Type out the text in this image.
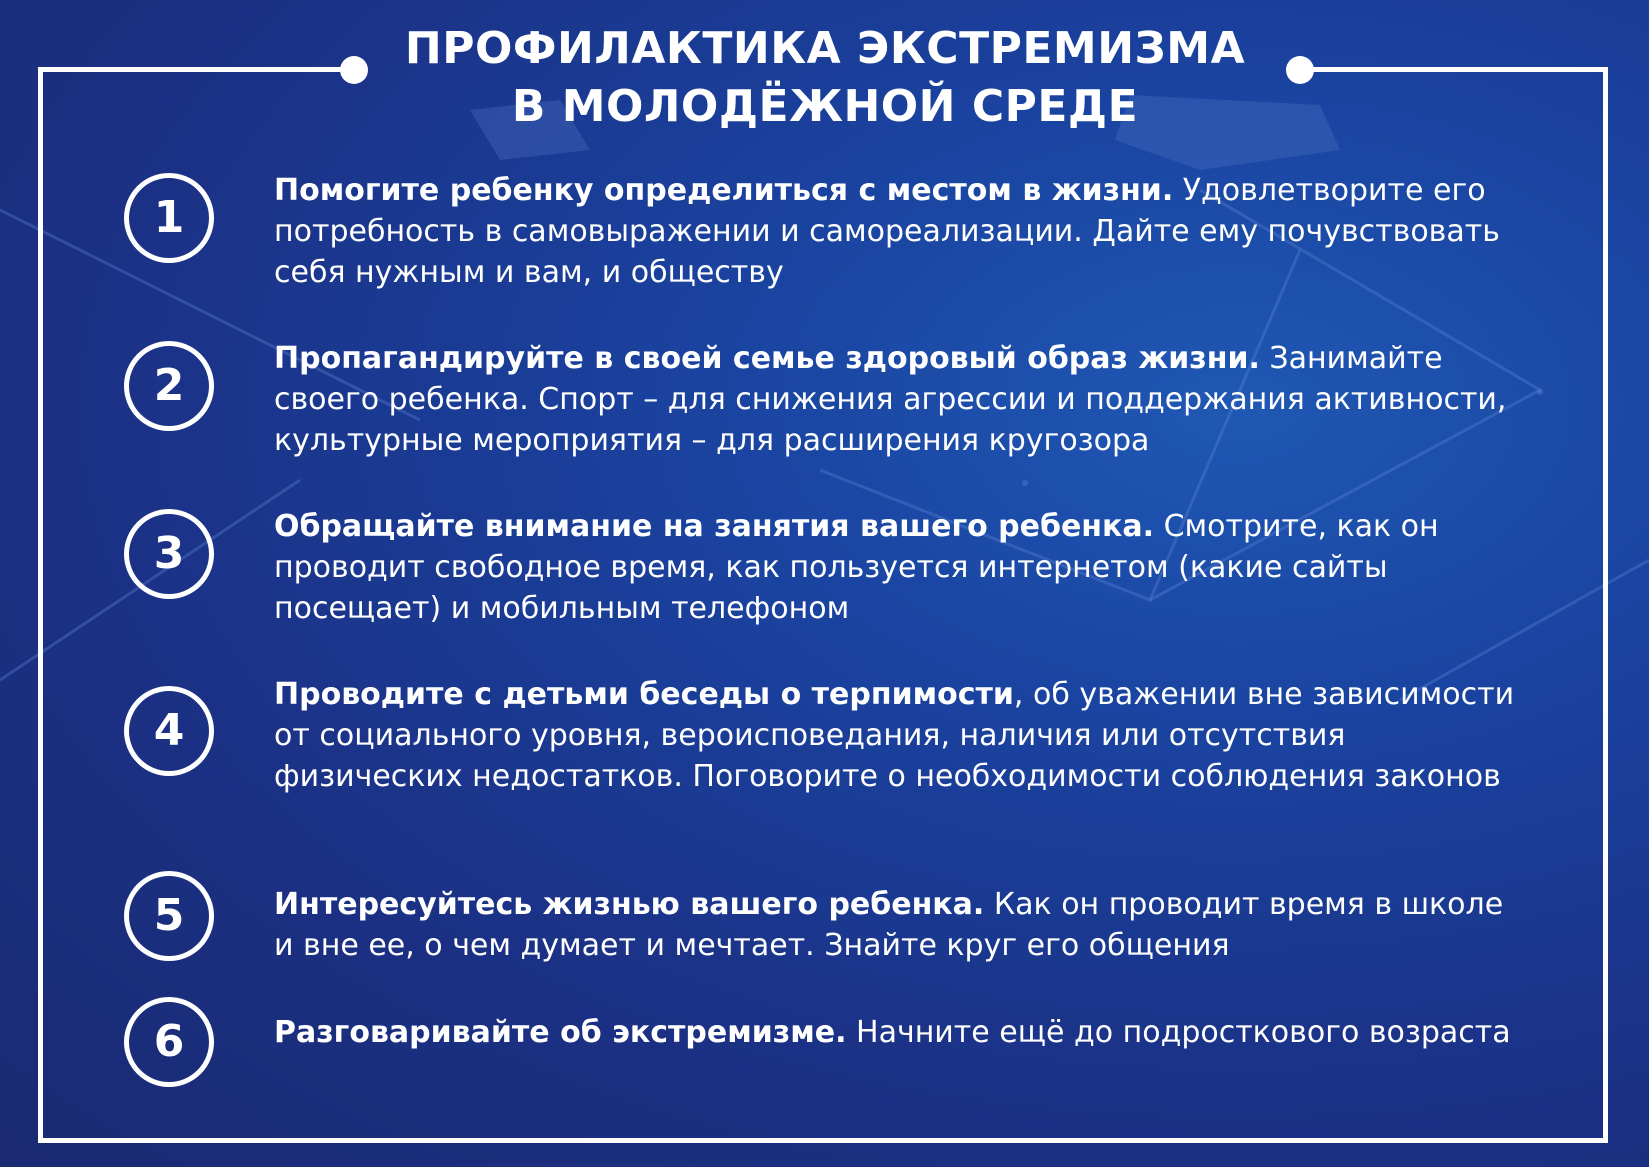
ПРОФИЛАКТИКА ЭКСТРЕМИЗМА
В МОЛОДЁЖНОЙ СРЕДЕ
1
Помогите ребенку определиться с местом в жизни. Удовлетворите его потребность в самовыражении и самореализации. Дайте ему почувствовать себя нужным и вам, и обществу
2
Пропагандируйте в своей семье здоровый образ жизни. Занимайте своего ребенка. Спорт – для снижения агрессии и поддержания активности, культурные мероприятия – для расширения кругозора
3
Обращайте внимание на занятия вашего ребенка. Смотрите, как он проводит свободное время, как пользуется интернетом (какие сайты посещает) и мобильным телефоном
4
Проводите с детьми беседы о терпимости, об уважении вне зависимости от социального уровня, вероисповедания, наличия или отсутствия физических недостатков. Поговорите о необходимости соблюдения законов
5	Интересуйтесь жизнью вашего ребенка. Как он проводит время в школе и вне ее, о чем думает и мечтает. Знайте круг его общения
6	Разговаривайте об экстремизме. Начните ещё до подросткового возраста
